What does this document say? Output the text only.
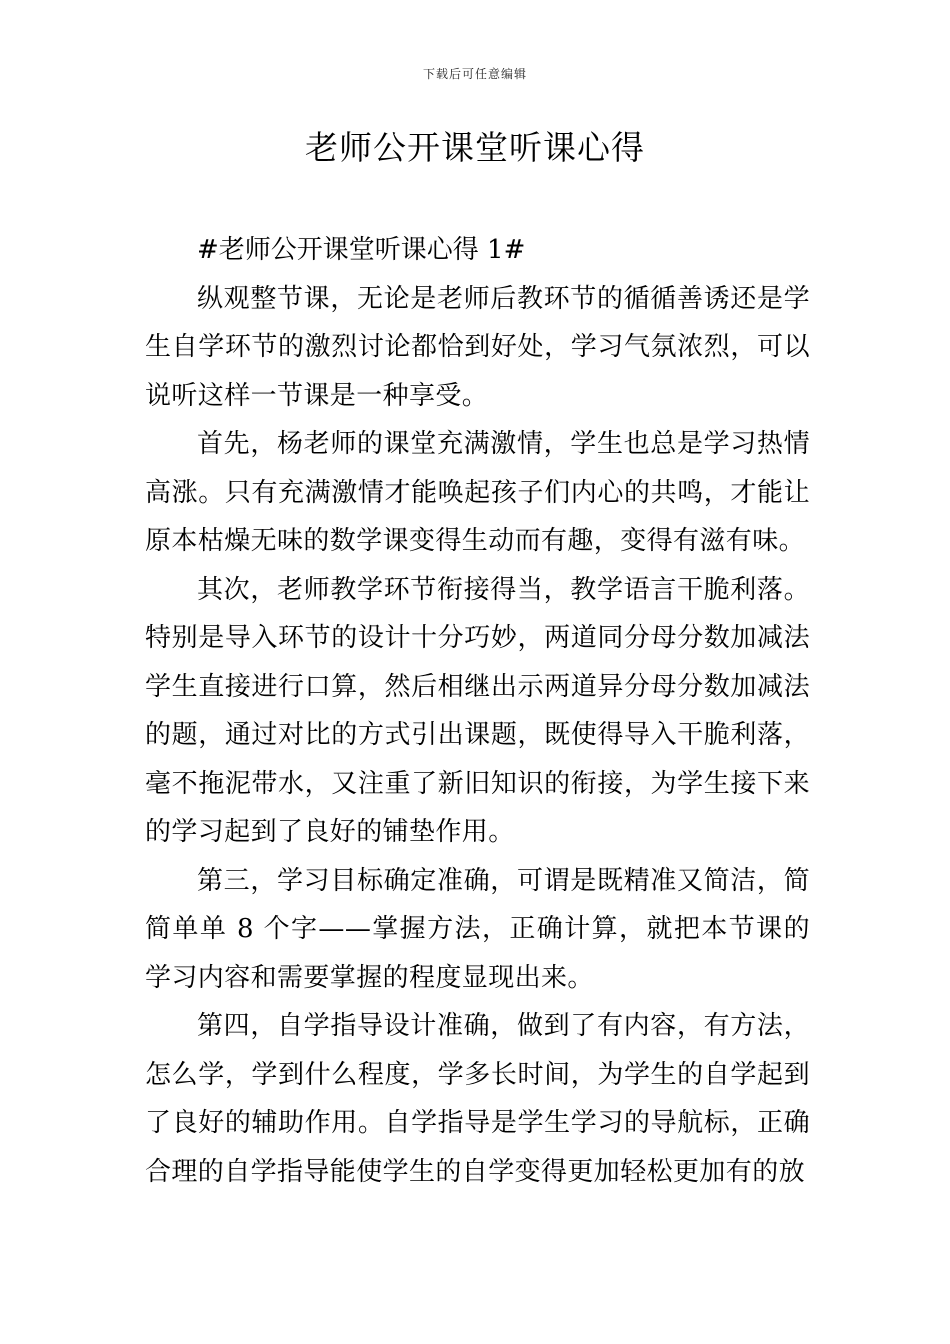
下载后可任意编辑
老师公开课堂听课心得

#老师公开课堂听课心得 1#

纵观整节课，无论是老师后教环节的循循善诱还是学生自学环节的激烈讨论都恰到好处，学习气氛浓烈，可以说听这样一节课是一种享受。

首先，杨老师的课堂充满激情，学生也总是学习热情高涨。只有充满激情才能唤起孩子们内心的共鸣，才能让原本枯燥无味的数学课变得生动而有趣，变得有滋有味。

其次，老师教学环节衔接得当，教学语言干脆利落。特别是导入环节的设计十分巧妙，两道同分母分数加减法学生直接进行口算，然后相继出示两道异分母分数加减法的题，通过对比的方式引出课题，既使得导入干脆利落，毫不拖泥带水，又注重了新旧知识的衔接，为学生接下来的学习起到了良好的铺垫作用。

第三，学习目标确定准确，可谓是既精准又简洁，简简单单 8 个字——掌握方法，正确计算，就把本节课的学习内容和需要掌握的程度显现出来。

第四，自学指导设计准确，做到了有内容，有方法，怎么学，学到什么程度，学多长时间，为学生的自学起到了良好的辅助作用。自学指导是学生学习的导航标，正确合理的自学指导能使学生的自学变得更加轻松更加有的放
